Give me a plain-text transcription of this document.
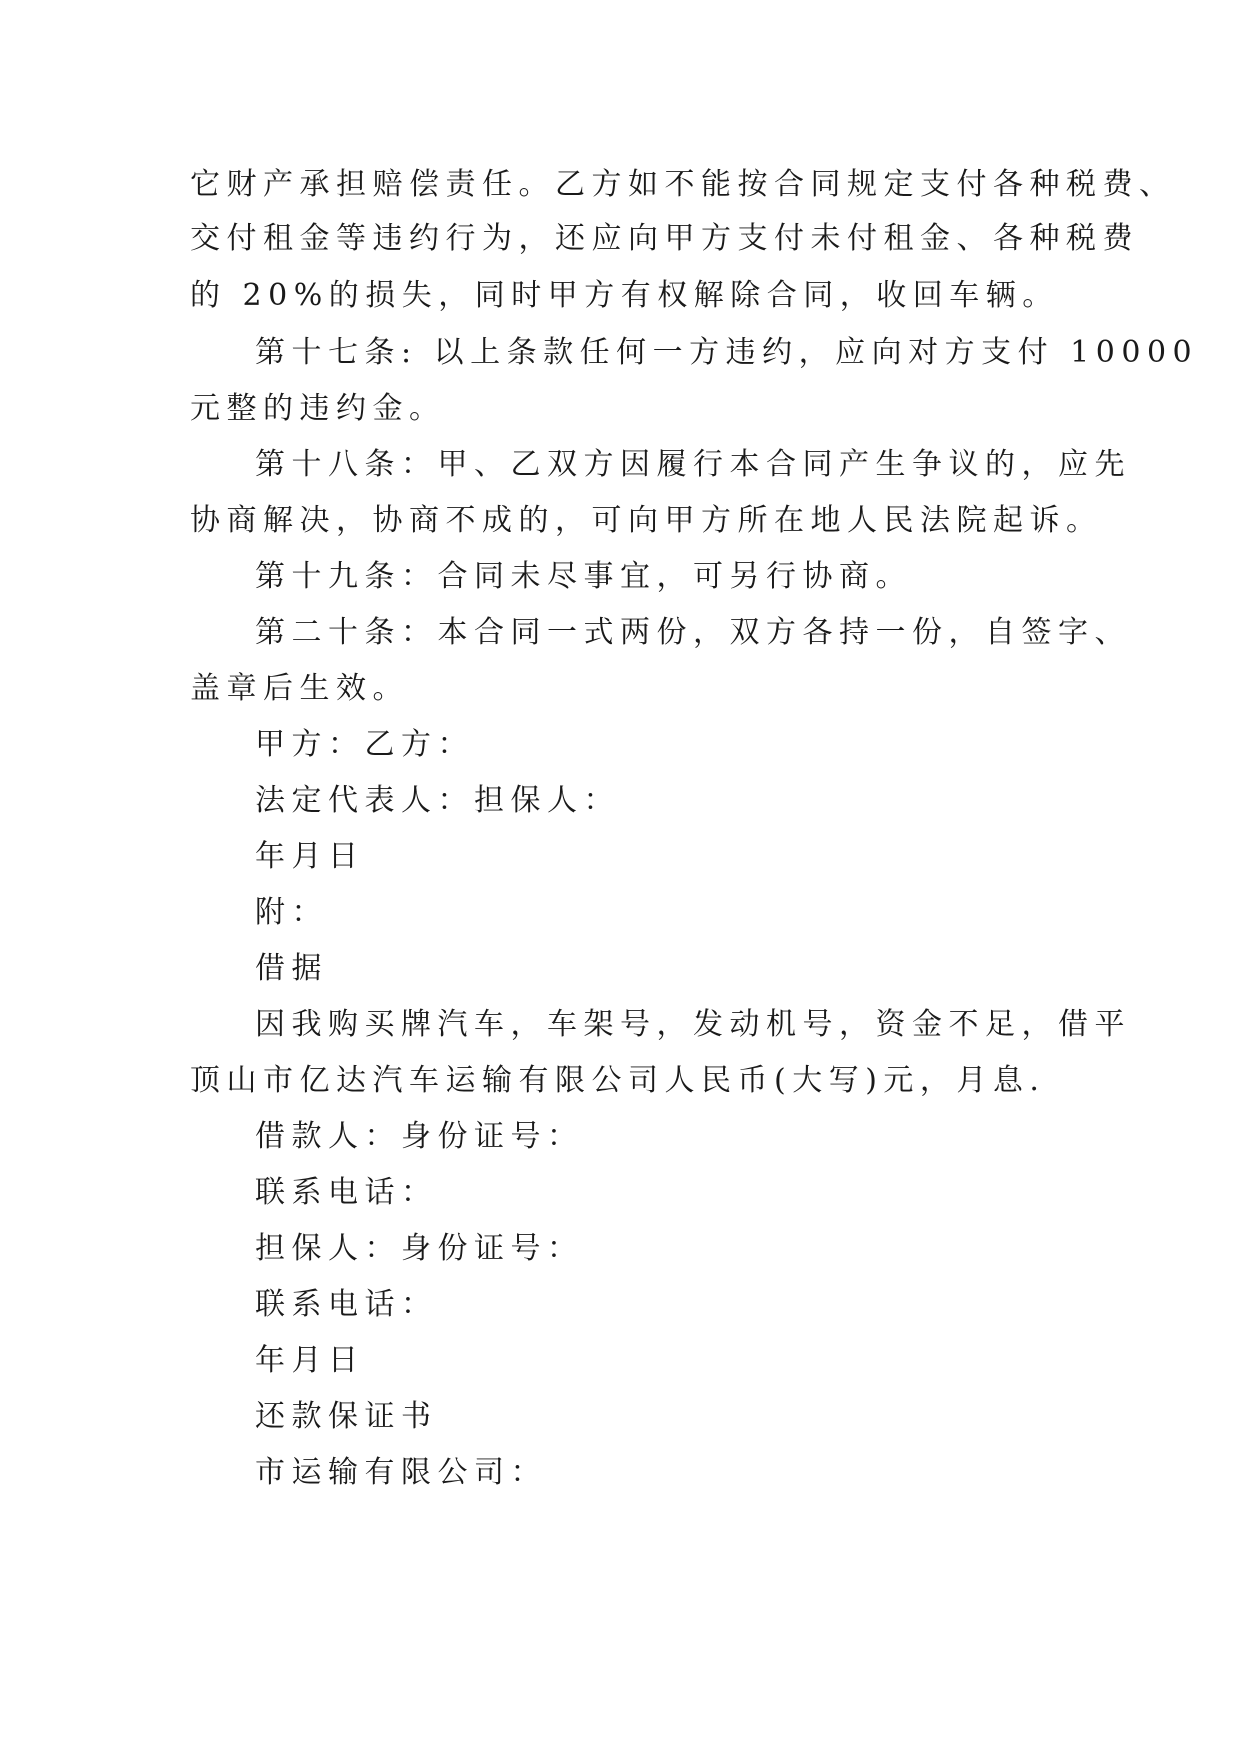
它财产承担赔偿责任。乙方如不能按合同规定支付各种税费、
交付租金等违约行为，还应向甲方支付未付租金、各种税费
的 20%的损失，同时甲方有权解除合同，收回车辆。
第十七条: 以上条款任何一方违约，应向对方支付 10000
元整的违约金。
第十八条：甲、乙双方因履行本合同产生争议的，应先
协商解决，协商不成的，可向甲方所在地人民法院起诉。
第十九条：合同未尽事宜，可另行协商。
第二十条：本合同一式两份，双方各持一份，自签字、
盖章后生效。
甲方：乙方：
法定代表人：担保人：
年月日
附：
借据
因我购买牌汽车，车架号，发动机号，资金不足，借平
顶山市亿达汽车运输有限公司人民币(大写)元，月息.
借款人：身份证号：
联系电话：
担保人：身份证号：
联系电话：
年月日
还款保证书
市运输有限公司：
